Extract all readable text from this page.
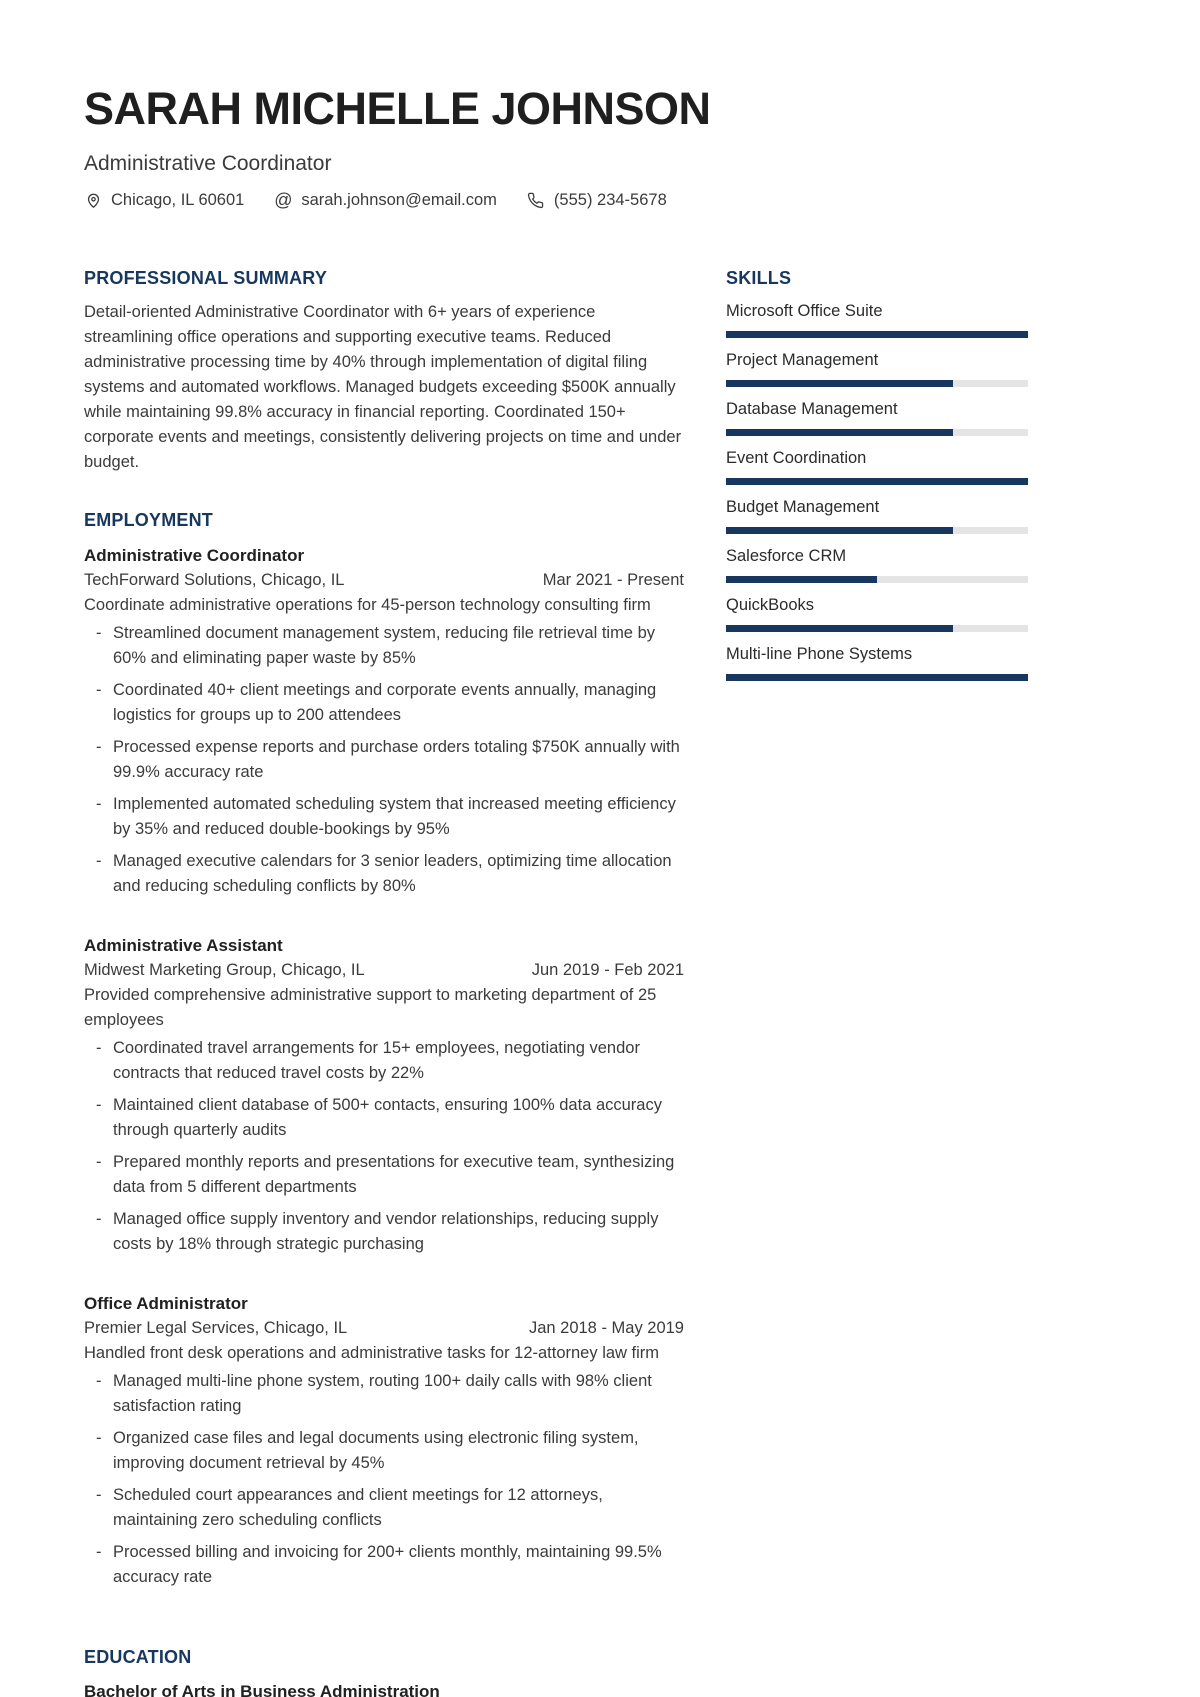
SARAH MICHELLE JOHNSON
Administrative Coordinator
Chicago, IL 60601 @ sarah.johnson@email.com	(555) 234-5678
PROFESSIONAL SUMMARY

Detail-oriented Administrative Coordinator with 6+ years of experience streamlining office operations and supporting executive teams. Reduced administrative processing time by 40% through implementation of digital filing systems and automated workflows. Managed budgets exceeding $500K annually while maintaining 99.8% accuracy in financial reporting. Coordinated 150+ corporate events and meetings, consistently delivering projects on time and under budget.

EMPLOYMENT
Administrative Coordinator
TechForward Solutions, Chicago, IL	Mar 2021 - Present

Coordinate administrative operations for 45-person technology consulting firm

- Streamlined document management system, reducing file retrieval time by 60% and eliminating paper waste by 85%
- Coordinated 40+ client meetings and corporate events annually, managing logistics for groups up to 200 attendees
- Processed expense reports and purchase orders totaling $750K annually with 99.9% accuracy rate
- Implemented automated scheduling system that increased meeting efficiency by 35% and reduced double-bookings by 95%
- Managed executive calendars for 3 senior leaders, optimizing time allocation and reducing scheduling conflicts by 80%
Administrative Assistant
Midwest Marketing Group, Chicago, IL	Jun 2019 - Feb 2021

Provided comprehensive administrative support to marketing department of 25 employees

- Coordinated travel arrangements for 15+ employees, negotiating vendor contracts that reduced travel costs by 22%
- Maintained client database of 500+ contacts, ensuring 100% data accuracy through quarterly audits
- Prepared monthly reports and presentations for executive team, synthesizing data from 5 different departments
- Managed office supply inventory and vendor relationships, reducing supply costs by 18% through strategic purchasing
Office Administrator
Premier Legal Services, Chicago, IL	Jan 2018 - May 2019

Handled front desk operations and administrative tasks for 12-attorney law firm

- Managed multi-line phone system, routing 100+ daily calls with 98% client satisfaction rating
- Organized case files and legal documents using electronic filing system, improving document retrieval by 45%
- Scheduled court appearances and client meetings for 12 attorneys, maintaining zero scheduling conflicts
- Processed billing and invoicing for 200+ clients monthly, maintaining 99.5% accuracy rate
EDUCATION
Bachelor of Arts in Business Administration
SKILLS
Microsoft Office Suite
Project Management
Database Management
Event Coordination
Budget Management
Salesforce CRM
QuickBooks
Multi-line Phone Systems
